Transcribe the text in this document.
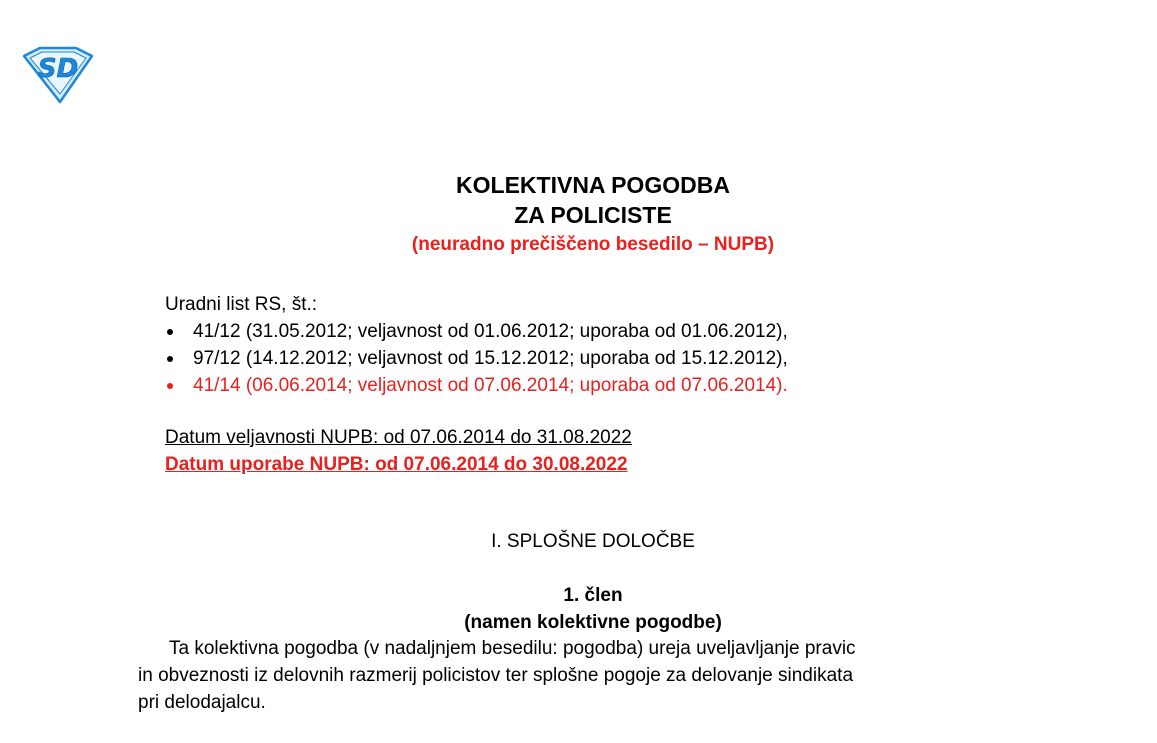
SD

KOLEKTIVNA POGODBA

ZA POLICISTE

(neuradno prečiščeno besedilo – NUPB)

Uradni list RS, št.:

41/12 (31.05.2012; veljavnost od 01.06.2012; uporaba od 01.06.2012),
97/12 (14.12.2012; veljavnost od 15.12.2012; uporaba od 15.12.2012),
41/14 (06.06.2014; veljavnost od 07.06.2014; uporaba od 07.06.2014).

Datum veljavnosti NUPB: od 07.06.2014 do 31.08.2022

Datum uporabe NUPB: od 07.06.2014 do 30.08.2022

I. SPLOŠNE DOLOČBE

1. člen

(namen kolektivne pogodbe)

Ta kolektivna pogodba (v nadaljnjem besedilu: pogodba) ureja uveljavljanje pravic
in obveznosti iz delovnih razmerij policistov ter splošne pogoje za delovanje sindikata
pri delodajalcu.
